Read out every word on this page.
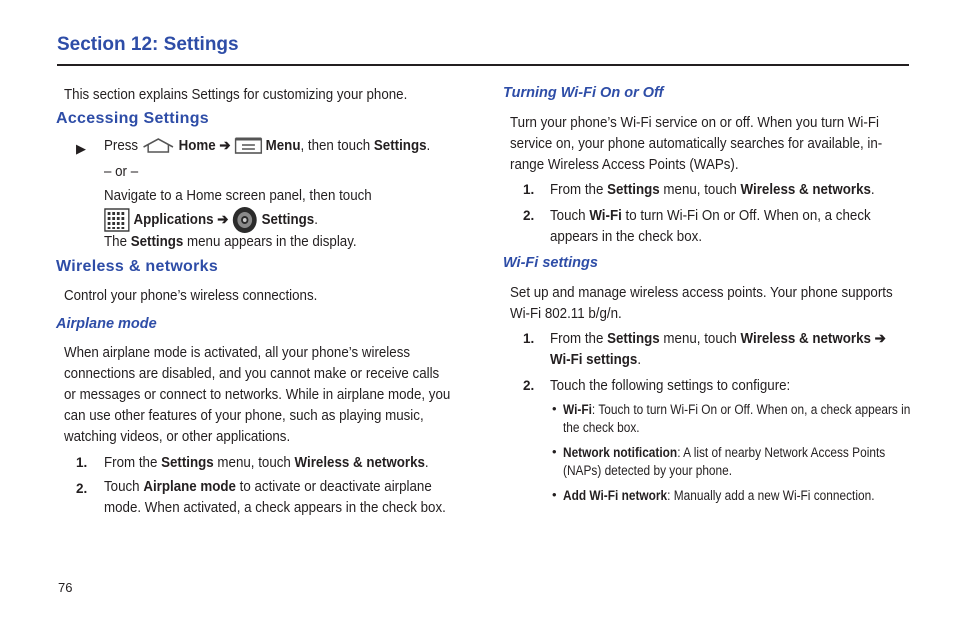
Section 12: Settings
This section explains Settings for customizing your phone.
Accessing Settings
▶ Press	Home ➔ Menu, then touch Settings.
– or –
Navigate to a Home screen panel, then touch
Applications ➔ Settings.
The Settings menu appears in the display.
Wireless & networks
Control your phone’s wireless connections.
Airplane mode
When airplane mode is activated, all your phone’s wireless
connections are disabled, and you cannot make or receive calls
or messages or connect to networks. While in airplane mode, you
can use other features of your phone, such as playing music,
watching videos, or other applications.
1. From the Settings menu, touch Wireless & networks.
2. Touch Airplane mode to activate or deactivate airplane
mode. When activated, a check appears in the check box.
Turning Wi-Fi On or Off
Turn your phone’s Wi-Fi service on or off. When you turn Wi-Fi
service on, your phone automatically searches for available, in-
range Wireless Access Points (WAPs).
1. From the Settings menu, touch Wireless & networks.
2. Touch Wi-Fi to turn Wi-Fi On or Off. When on, a check
appears in the check box.
Wi-Fi settings
Set up and manage wireless access points. Your phone supports
Wi-Fi 802.11 b/g/n.
1. From the Settings menu, touch Wireless & networks ➔
Wi-Fi settings.
2. Touch the following settings to configure:
• Wi-Fi: Touch to turn Wi-Fi On or Off. When on, a check appears in
the check box.
• Network notification: A list of nearby Network Access Points
(NAPs) detected by your phone.
• Add Wi-Fi network: Manually add a new Wi-Fi connection.
76
